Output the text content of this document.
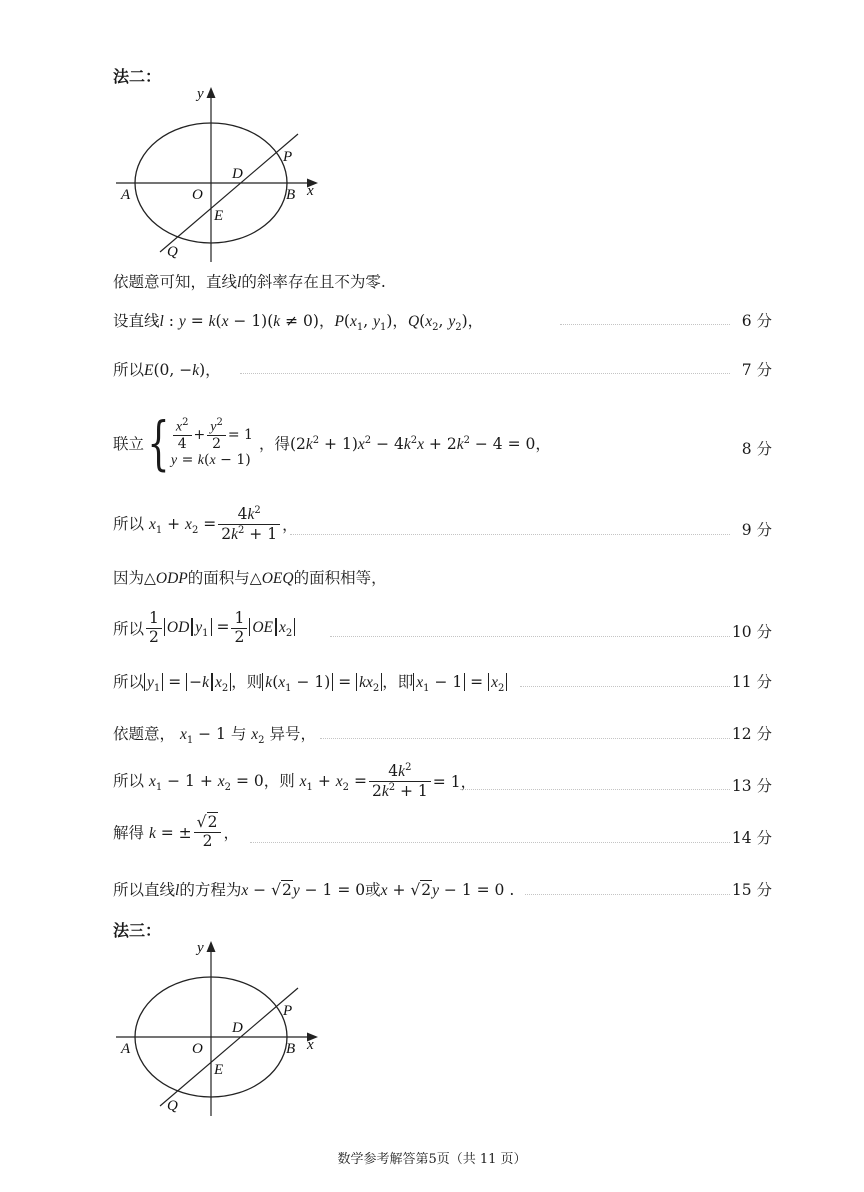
法二：
y
x
A	O	B
D
E
P
Q
依题意可知，直线l的斜率存在且不为零.
设直线l : y = k(x − 1)(k ≠ 0)，$P(x_1$, $y_1$)，$Q(x_2$, $y_2$)，	6 分
所以E(0, −k)，	7 分
联立 { $\frac{x^2}{4} + \frac{y^2}{2} = 1$
y = k(x − 1)
，得$(2k^2 + 1)x^2 - 4k^2x + 2k^2 - 4 = 0$，	8 分
所以 $x_1 + x_2 = \frac{4k^2}{2k^2 + 1}$ ，	9 分
因为△ODP的面积与△OEQ的面积相等，
所以 $\frac{1}{2}$ OD $y_1 = \frac{1}{2}$ OE $x_2$	10 分
所以 $y_1 = -k$ $x_2$ ，则 $k(x_1 - 1) = kx_2$ ，即 $x_1 - 1 = x_2$	11 分
依题意， $x_1 - 1$ 与 $x_2$ 异号，	12 分
所以 $x_1 - 1 + x_2 = 0$，则 $x_1 + x_2 = \frac{4k^2}{2k^2 + 1} = 1$，	13 分
解得 k = ± $\frac{√2}{2}$ ，	14 分
所以直线l的方程为x − √2y − 1 = 0或x + √2y − 1 = 0 .	15 分
法三：
y
x
A	O	B
D
E
P
Q
数学参考解答第5页（共 11 页）
